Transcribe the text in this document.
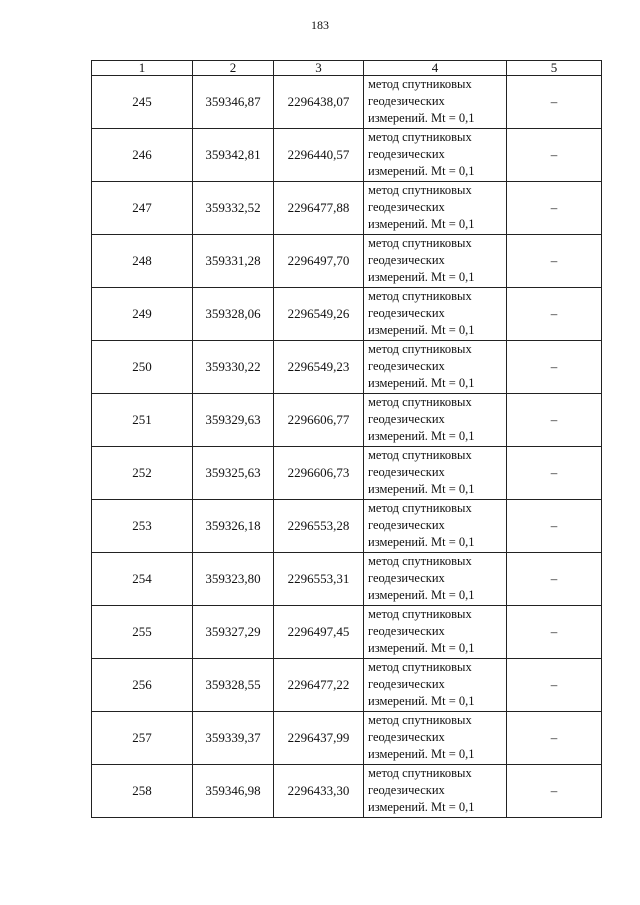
183
1	2	3	4	5
245	359346,87	2296438,07	метод спутниковых
геодезических
измерений. Mt = 0,1	–
246	359342,81	2296440,57	метод спутниковых
геодезических
измерений. Mt = 0,1	–
247	359332,52	2296477,88	метод спутниковых
геодезических
измерений. Mt = 0,1	–
248	359331,28	2296497,70	метод спутниковых
геодезических
измерений. Mt = 0,1	–
249	359328,06	2296549,26	метод спутниковых
геодезических
измерений. Mt = 0,1	–
250	359330,22	2296549,23	метод спутниковых
геодезических
измерений. Mt = 0,1	–
251	359329,63	2296606,77	метод спутниковых
геодезических
измерений. Mt = 0,1	–
252	359325,63	2296606,73	метод спутниковых
геодезических
измерений. Mt = 0,1	–
253	359326,18	2296553,28	метод спутниковых
геодезических
измерений. Mt = 0,1	–
254	359323,80	2296553,31	метод спутниковых
геодезических
измерений. Mt = 0,1	–
255	359327,29	2296497,45	метод спутниковых
геодезических
измерений. Mt = 0,1	–
256	359328,55	2296477,22	метод спутниковых
геодезических
измерений. Mt = 0,1	–
257	359339,37	2296437,99	метод спутниковых
геодезических
измерений. Mt = 0,1	–
258	359346,98	2296433,30	метод спутниковых
геодезических
измерений. Mt = 0,1	–
